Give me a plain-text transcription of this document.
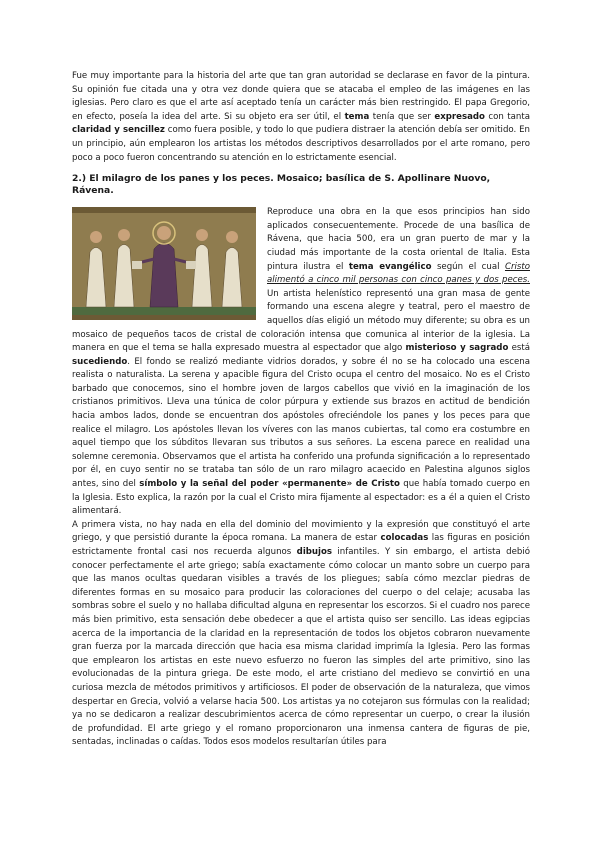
Fue muy importante para la historia del arte que tan gran autoridad se declarase en favor de la pintura. Su opinión fue citada una y otra vez donde quiera que se atacaba el empleo de las imágenes en las iglesias. Pero claro es que el arte así aceptado tenía un carácter más bien restringido. El papa Gregorio, en efecto, poseía la idea del arte. Si su objeto era ser útil, el tema tenía que ser expresado con tanta claridad y sencillez como fuera posible, y todo lo que pudiera distraer la atención debía ser omitido. En un principio, aún emplearon los artistas los métodos descriptivos desarrollados por el arte romano, pero poco a poco fueron concentrando su atención en lo estrictamente esencial.

2.) El milagro de los panes y los peces. Mosaico; basílica de S. Apollinare Nuovo, Rávena.

Reproduce una obra en la que esos principios han sido aplicados consecuentemente. Procede de una basílica de Rávena, que hacia 500, era un gran puerto de mar y la ciudad más importante de la costa oriental de Italia. Esta pintura ilustra el tema evangélico según el cual Cristo alimentó a cinco mil personas con cinco panes y dos peces. Un artista helenístico representó una gran masa de gente formando una escena alegre y teatral, pero el maestro de aquellos días eligió un método muy diferente; su obra es un mosaico de pequeños tacos de cristal de coloración intensa que comunica al interior de la iglesia. La manera en que el tema se halla expresado muestra al espectador que algo misterioso y sagrado está sucediendo. El fondo se realizó mediante vidrios dorados, y sobre él no se ha colocado una escena realista o naturalista. La serena y apacible figura del Cristo ocupa el centro del mosaico. No es el Cristo barbado que conocemos, sino el hombre joven de largos cabellos que vivió en la imaginación de los cristianos primitivos. Lleva una túnica de color púrpura y extiende sus brazos en actitud de bendición hacia ambos lados, donde se encuentran dos apóstoles ofreciéndole los panes y los peces para que realice el milagro. Los apóstoles llevan los víveres con las manos cubiertas, tal como era costumbre en aquel tiempo que los súbditos llevaran sus tributos a sus señores. La escena parece en realidad una solemne ceremonia. Observamos que el artista ha conferido una profunda significación a lo representado por él, en cuyo sentir no se trataba tan sólo de un raro milagro acaecido en Palestina algunos siglos antes, sino del símbolo y la señal del poder «permanente» de Cristo que había tomado cuerpo en la Iglesia. Esto explica, la razón por la cual el Cristo mira fijamente al espectador: es a él a quien el Cristo alimentará.

A primera vista, no hay nada en ella del dominio del movimiento y la expresión que constituyó el arte griego, y que persistió durante la época romana. La manera de estar colocadas las figuras en posición estrictamente frontal casi nos recuerda algunos dibujos infantiles. Y sin embargo, el artista debió conocer perfectamente el arte griego; sabía exactamente cómo colocar un manto sobre un cuerpo para que las manos ocultas quedaran visibles a través de los pliegues; sabía cómo mezclar piedras de diferentes formas en su mosaico para producir las coloraciones del cuerpo o del celaje; acusaba las sombras sobre el suelo y no hallaba dificultad alguna en representar los escorzos. Si el cuadro nos parece más bien primitivo, esta sensación debe obedecer a que el artista quiso ser sencillo. Las ideas egipcias acerca de la importancia de la claridad en la representación de todos los objetos cobraron nuevamente gran fuerza por la marcada dirección que hacia esa misma claridad imprimía la Iglesia. Pero las formas que emplearon los artistas en este nuevo esfuerzo no fueron las simples del arte primitivo, sino las evolucionadas de la pintura griega. De este modo, el arte cristiano del medievo se convirtió en una curiosa mezcla de métodos primitivos y artificiosos. El poder de observación de la naturaleza, que vimos despertar en Grecia, volvió a velarse hacia 500. Los artistas ya no cotejaron sus fórmulas con la realidad; ya no se dedicaron a realizar descubrimientos acerca de cómo representar un cuerpo, o crear la ilusión de profundidad. El arte griego y el romano proporcionaron una inmensa cantera de figuras de pie, sentadas, inclinadas o caídas. Todos esos modelos resultarían útiles para
